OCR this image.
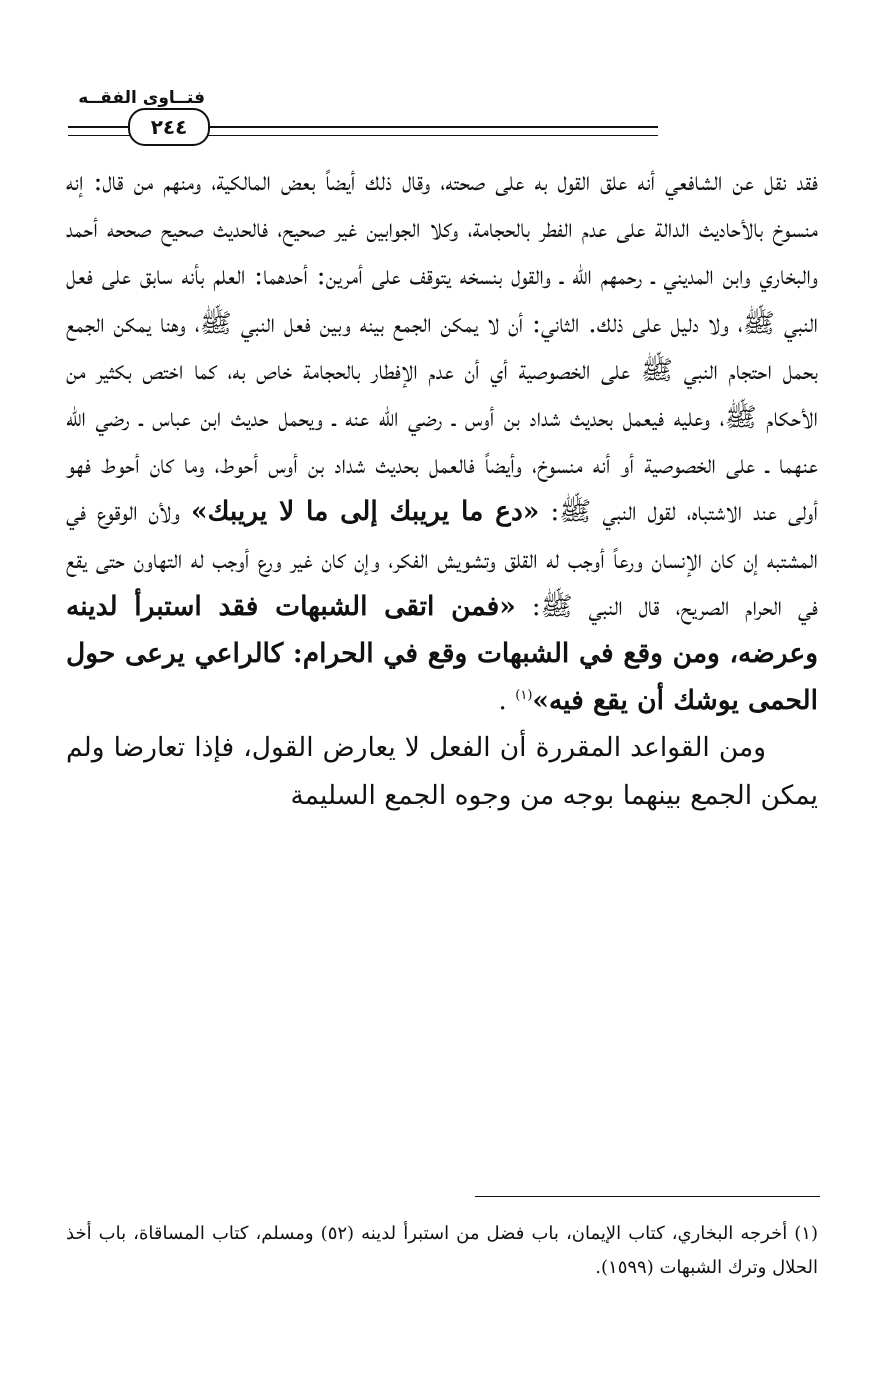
فتــاوى الفقــه
٢٤٤

فقد نقل عن الشافعي أنه علق القول به على صحته، وقال ذلك أيضاً بعض المالكية، ومنهم من قال: إنه منسوخ بالأحاديث الدالة على عدم الفطر بالحجامة، وكلا الجوابين غير صحيح، فالحديث صحيح صححه أحمد والبخاري وابن المديني ـ رحمهم الله ـ والقول بنسخه يتوقف على أمرين: أحدهما: العلم بأنه سابق على فعل النبي ﷺ، ولا دليل على ذلك. الثاني: أن لا يمكن الجمع بينه وبين فعل النبي ﷺ، وهنا يمكن الجمع بحمل احتجام النبي ﷺ على الخصوصية أي أن عدم الإفطار بالحجامة خاص به، كما اختص بكثير من الأحكام ﷺ، وعليه فيعمل بحديث شداد بن أوس ـ رضي الله عنه ـ ويحمل حديث ابن عباس ـ رضي الله عنهما ـ على الخصوصية أو أنه منسوخ، وأيضاً فالعمل بحديث شداد بن أوس أحوط، وما كان أحوط فهو أولى عند الاشتباه، لقول النبي ﷺ: «دع ما يريبك إلى ما لا يريبك» ولأن الوقوع في المشتبه إن كان الإنسان ورعاً أوجب له القلق وتشويش الفكر، وإن كان غير ورع أوجب له التهاون حتى يقع في الحرام الصريح، قال النبي ﷺ: «فمن اتقى الشبهات فقد استبرأ لدينه وعرضه، ومن وقع في الشبهات وقع في الحرام: كالراعي يرعى حول الحمى يوشك أن يقع فيه»$^{(١)}$ .

ومن القواعد المقررة أن الفعل لا يعارض القول، فإذا تعارضا ولم يمكن الجمع بينهما بوجه من وجوه الجمع السليمة

(١) أخرجه البخاري، كتاب الإيمان، باب فضل من استبرأ لدينه (٥٢) ومسلم، كتاب المساقاة، باب أخذ الحلال وترك الشبهات (١٥٩٩).
